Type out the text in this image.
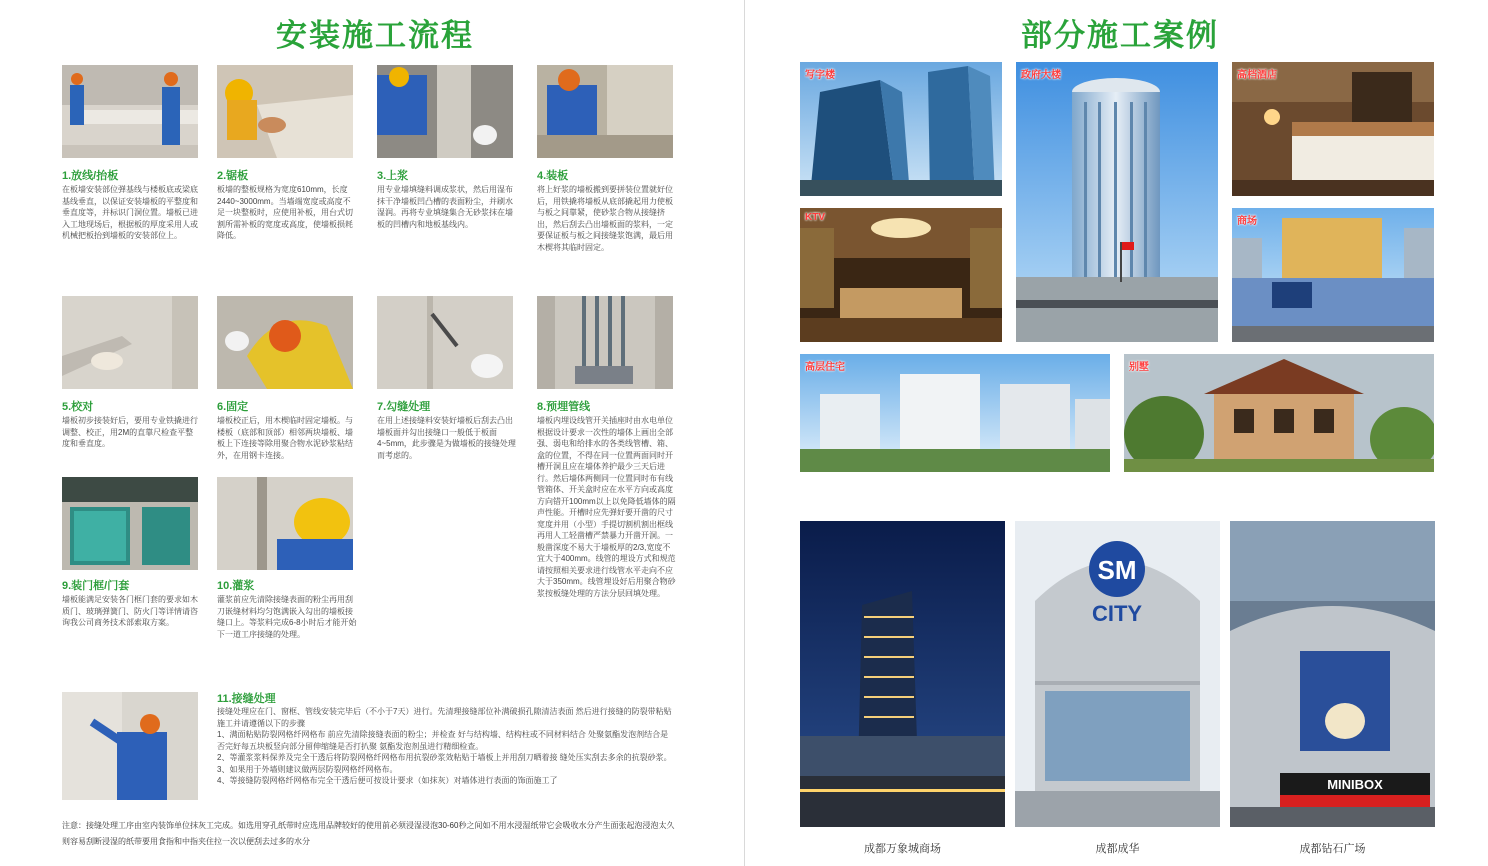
安装施工流程
1.放线/抬板
在板墙安装部位弹基线与楼板底或梁底基线垂直，以保证安装墙板的平整度和垂直度等，并标识门洞位置。墙板已进入工地现场后，根据板的厚度采用人或机械把板抬到墙板的安装部位上。
2.锯板
板墙的整板规格为宽度610mm，长度2440~3000mm。当墙端宽度或高度不足一块整板时，应使用补板，用台式切割所需补板的宽度或高度，使墙板损耗降低。
3.上浆
用专业墙填缝料调成浆状，然后用湿布抹干净墙板凹凸槽的表面粉尘，并刷水湿润。再将专业填缝集合无砂浆抹在墙板的凹槽内和地板基线内。
4.装板
将上好浆的墙板搬到要拼装位置就好位后，用铁撬将墙板从底部撬起用力使板与板之间靠紧，使砂浆合物从接缝挤出，然后刮去凸出墙板面的浆料，一定要保证板与板之间接缝浆饱满，最后用木楔将其临时固定。
5.校对
墙板初步接装好后，要用专业铁撬进行调整、校正，用2M的直靠尺检查平整度和垂直度。
6.固定
墙板校正后，用木楔临时固定墙板。与楼板（底部和顶部）相邻两块墙板、墙板上下连接等除用聚合物水泥砂浆粘结外，在用钢卡连接。
7.勾缝处理
在用上述接缝料安装好墙板后刮去凸出墙板面并勾出接缝口一般低于板面4~5mm，此步骤是为做墙板的接缝处理而考虑的。
8.预埋管线
墙板内埋设线管开关插座时由水电单位根据设计要求一次性的墙体上画出全部强、弱电和给排水的各类线管槽、箱、盒的位置，不得在同一位置两面同时开槽开洞且应在墙体养护最少三天后进行。然后墙体两侧同一位置同时布有线管箱体、开关盒时应在水平方向或高度方向错开100mm以上以免降低墙体的隔声性能。开槽时应先弹好要开凿的尺寸宽度并用（小型）手提切割机割出框线再用人工轻凿槽严禁暴力开凿开洞。一般凿深度不易大于墙板厚的2/3,宽度不宜大于400mm。线管的埋设方式和规范请按照相关要求进行线管水平走向不应大于350mm。线管埋设好后用聚合物砂浆按板缝处理的方法分层回填处理。
9.装门框/门套
墙板能满足安装各门框门套的要求如木质门、玻璃弹簧门、防火门等详情请咨询我公司商务技术部索取方案。
10.灌浆
灌浆前应先清除接缝表面的粉尘再用刮刀嵌缝材料均匀饱满嵌入勾出的墙板接缝口上。等浆料完成6-8小时后才能开始下一道工序接缝的处理。
11.接缝处理
接缝处理应在门、窗框、管线安装完毕后（不小于7天）进行。先清理接缝部位补满破损孔隙清洁表面 然后进行接缝的防裂带粘贴施工并请遵循以下的步骤
1、满面粘贴防裂网格纤网格布 前应先清除接缝表面的粉尘；并检查 好与结构墙、结构柱或不同材料结合 处聚氨酯发泡剂结合是否完好每五块板竖向部分留伸缩缝是否打扒聚 氨酯发泡剂虽进行精细检查。
2、等灌浆浆料保养及完全干透后将防裂网格纤网格布用抗裂砂浆效粘贴于墙板上并用刮刀晒着接 缝处压实刮去多余的抗裂砂浆。
3、如果用于外墙则建议做两层防裂网格纤网格布。
4、等接缝防裂网格纤网格布完全干透后便可按设计要求（如抹灰）对墙体进行表面的饰面施工了
注意：接缝处理工序由室内装饰单位抹灰工完成。如选用穿孔纸带时应选用品牌较好的使用前必须浸湿浸泡30-60秒之间如不用水浸湿纸带它会吸收水分产生面张起泡浸泡太久则容易刮断浸湿的纸带要用食指和中指夹住拉一次以便刮去过多的水分
部分施工案例
写字楼	政府大楼	高档酒店
KTV	商场
高层住宅	别墅
SM
CITY
MINIBOX
成都万象城商场	成都成华	成都钻石广场
